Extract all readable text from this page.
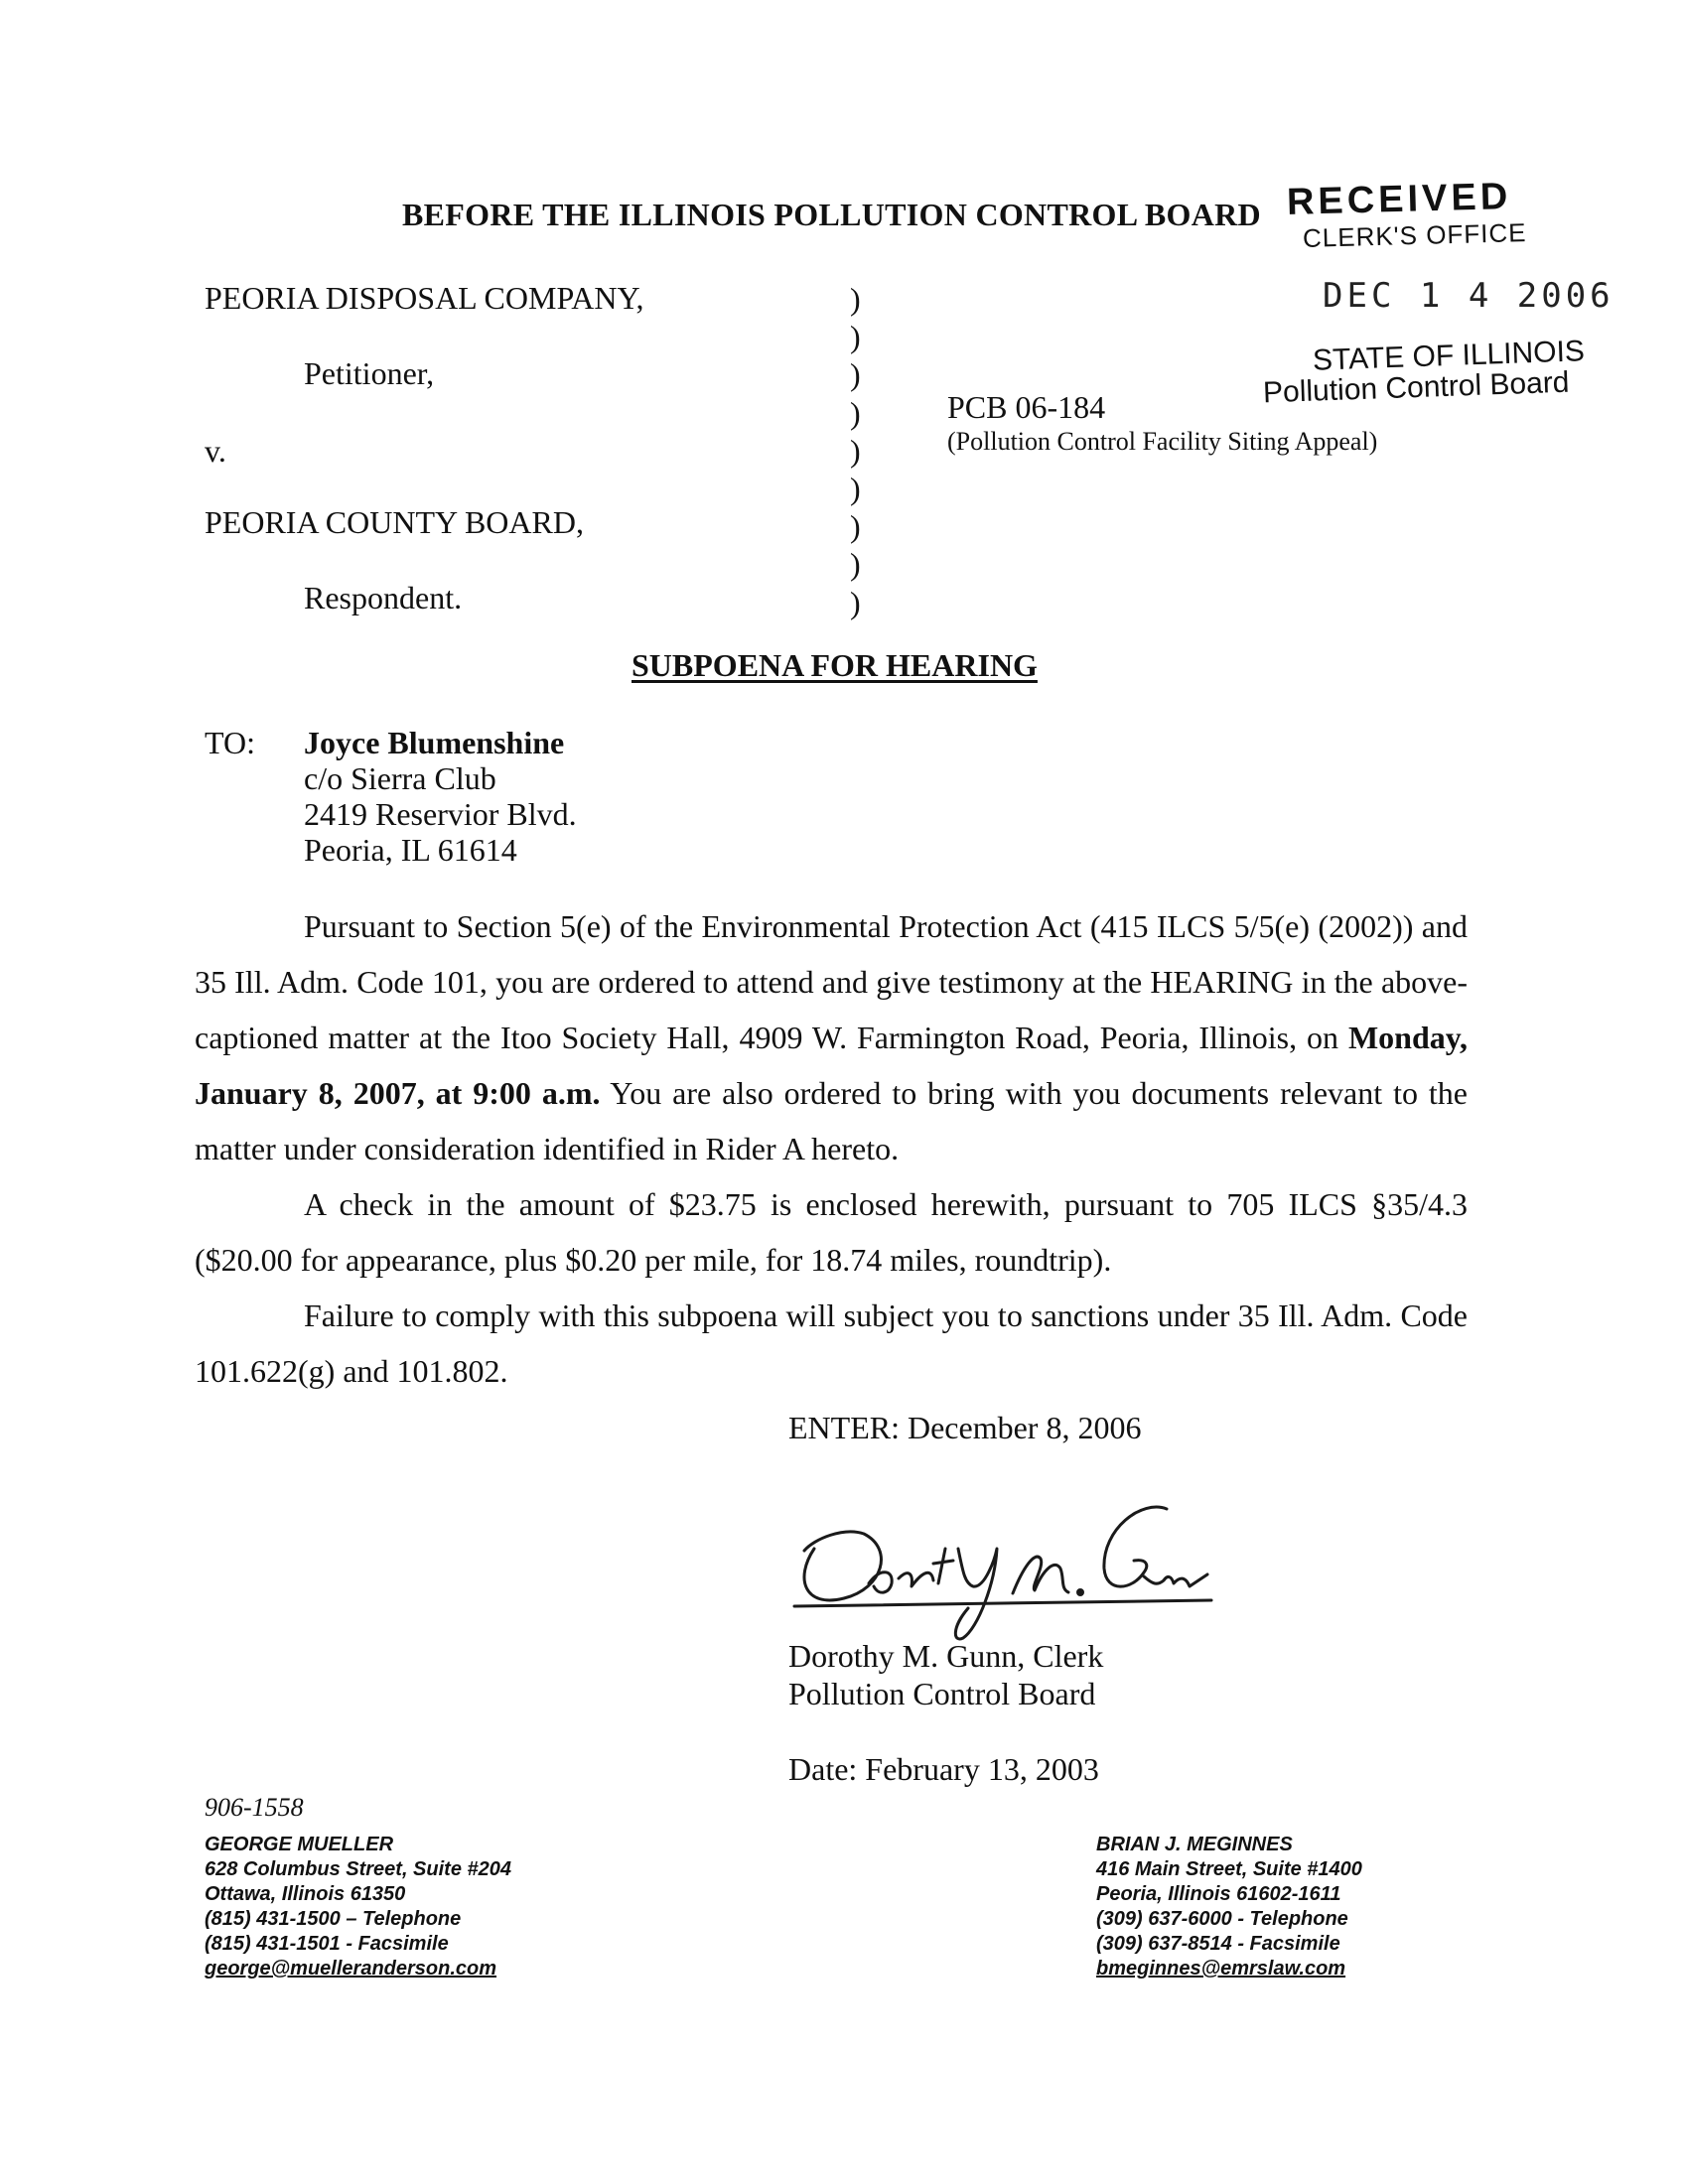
BEFORE THE ILLINOIS POLLUTION CONTROL BOARD RECEIVED
CLERK'S OFFICE
DEC 1 4 2006
STATE OF ILLINOIS
Pollution Control Board
PEORIA DISPOSAL COMPANY,
Petitioner,
v.
PEORIA COUNTY BOARD,
Respondent.
)
)
)
)
)
)
)
)
)
PCB 06-184
(Pollution Control Facility Siting Appeal)
SUBPOENA FOR HEARING
TO: Joyce Blumenshine
c/o Sierra Club
2419 Reservior Blvd.
Peoria, IL 61614
Pursuant to Section 5(e) of the Environmental Protection Act (415 ILCS 5/5(e) (2002)) and 35 Ill. Adm. Code 101, you are ordered to attend and give testimony at the HEARING in the above-captioned matter at the Itoo Society Hall, 4909 W. Farmington Road, Peoria, Illinois, on Monday, January 8, 2007, at 9:00 a.m. You are also ordered to bring with you documents relevant to the matter under consideration identified in Rider A hereto.
A check in the amount of $23.75 is enclosed herewith, pursuant to 705 ILCS §35/4.3 ($20.00 for appearance, plus $0.20 per mile, for 18.74 miles, roundtrip).
Failure to comply with this subpoena will subject you to sanctions under 35 Ill. Adm. Code 101.622(g) and 101.802.
ENTER: December 8, 2006
Dorothy M. Gunn, Clerk
Pollution Control Board
Date: February 13, 2003
906-1558
GEORGE MUELLER
628 Columbus Street, Suite #204
Ottawa, Illinois 61350
(815) 431-1500 – Telephone
(815) 431-1501 - Facsimile
george@muelleranderson.com
BRIAN J. MEGINNES
416 Main Street, Suite #1400
Peoria, Illinois 61602-1611
(309) 637-6000 - Telephone
(309) 637-8514 - Facsimile
bmeginnes@emrslaw.com
